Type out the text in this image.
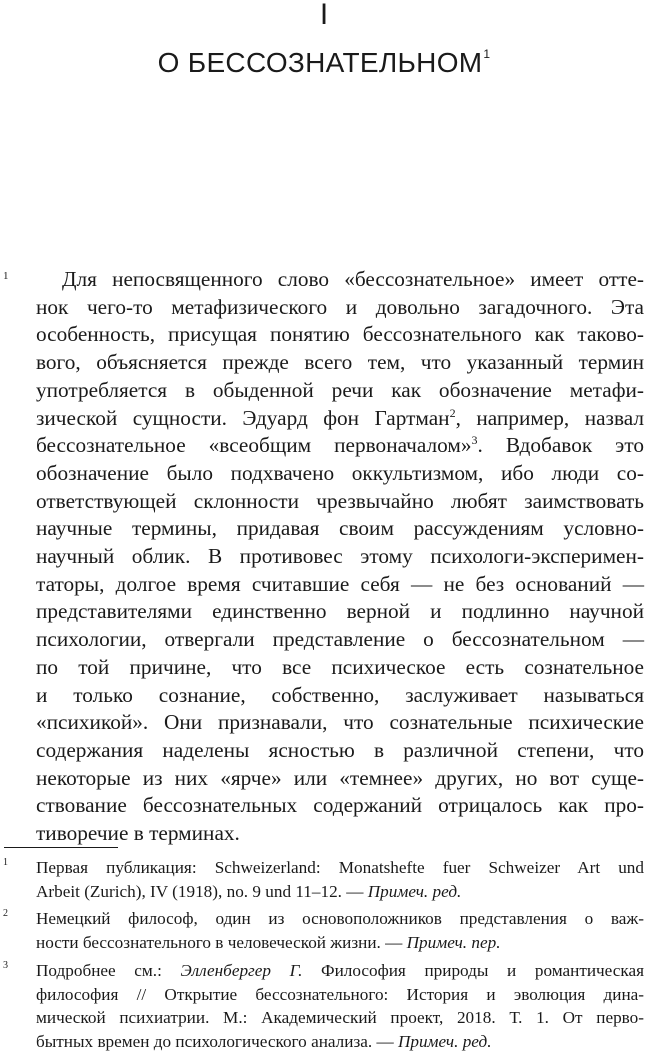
I
О БЕССОЗНАТЕЛЬНОМ$^1$
1	Для непосвященного слово «бессознательное» имеет отте-
нок чего-то метафизического и довольно загадочного. Эта
особенность, присущая понятию бессознательного как таково-
вого, объясняется прежде всего тем, что указанный термин
употребляется в обыденной речи как обозначение метафи-
зической сущности. Эдуард фон Гартман$^2$, например, назвал
бессознательное «всеобщим первоначалом»$^3$. Вдобавок это
обозначение было подхвачено оккультизмом, ибо люди со-
ответствующей склонности чрезвычайно любят заимствовать
научные термины, придавая своим рассуждениям условно-
научный облик. В противовес этому психологи-эксперимен-
таторы, долгое время считавшие себя — не без оснований —
представителями единственно верной и подлинно научной
психологии, отвергали представление о бессознательном —
по той причине, что все психическое есть сознательное
и только сознание, собственно, заслуживает называться
«психикой». Они признавали, что сознательные психические
содержания наделены ясностью в различной степени, что
некоторые из них «ярче» или «темнее» других, но вот суще-
ствование бессознательных содержаний отрицалось как про-
тиворечие в терминах.
1 Первая публикация: Schweizerland: Monatshefte fuer Schweizer Art und
Arbeit (Zurich), IV (1918), no. 9 und 11–12. — Примеч. ред.
2 Немецкий философ, один из основоположников представления о важ-
ности бессознательного в человеческой жизни. — Примеч. пер.
3 Подробнее см.: Элленбергер Г. Философия природы и романтическая
философия // Открытие бессознательного: История и эволюция дина-
мической психиатрии. М.: Академический проект, 2018. Т. 1. От перво-
бытных времен до психологического анализа. — Примеч. ред.
